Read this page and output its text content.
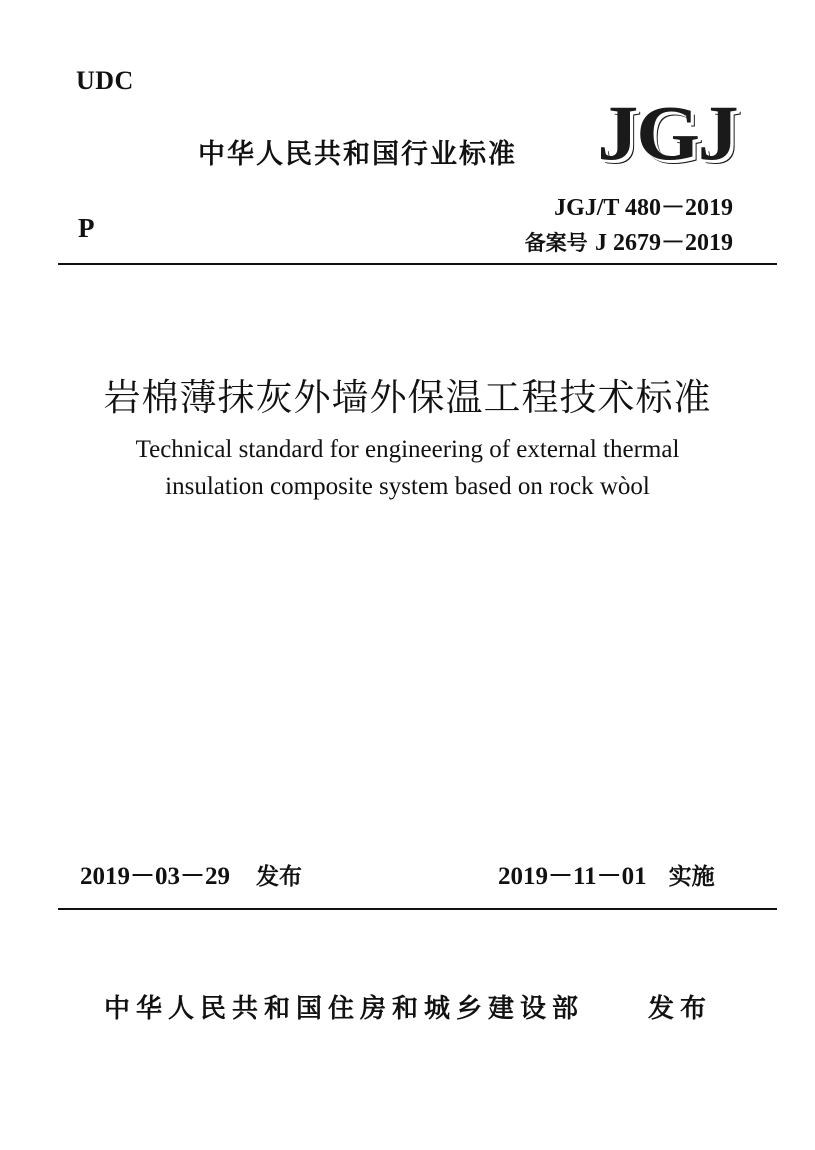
UDC
中华人民共和国行业标准 JGJ
P
JGJ/T 480－2019
备案号 J 2679－2019
岩棉薄抹灰外墙外保温工程技术标准
Technical standard for engineering of external thermal
insulation composite system based on rock wòol
2019－03－29 发布	2019－11－01 实施
中华人民共和国住房和城乡建设部 发布
